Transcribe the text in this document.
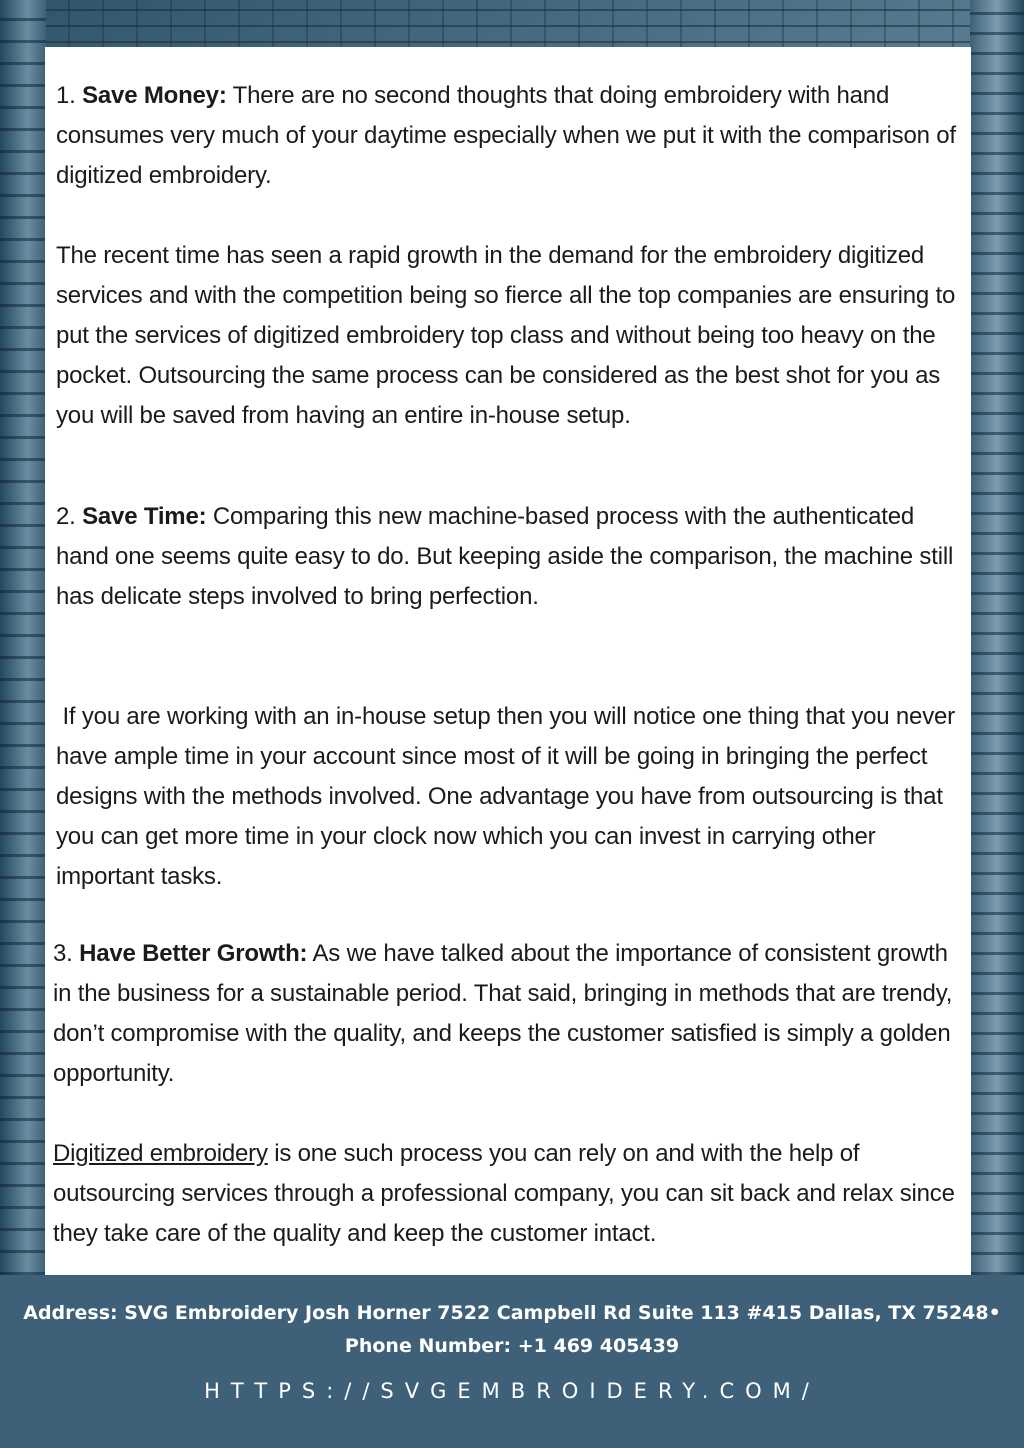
1. Save Money: There are no second thoughts that doing embroidery with hand consumes very much of your daytime especially when we put it with the comparison of digitized embroidery.

The recent time has seen a rapid growth in the demand for the embroidery digitized services and with the competition being so fierce all the top companies are ensuring to put the services of digitized embroidery top class and without being too heavy on the pocket. Outsourcing the same process can be considered as the best shot for you as you will be saved from having an entire in-house setup.

2. Save Time: Comparing this new machine-based process with the authenticated hand one seems quite easy to do. But keeping aside the comparison, the machine still has delicate steps involved to bring perfection.

If you are working with an in-house setup then you will notice one thing that you never have ample time in your account since most of it will be going in bringing the perfect designs with the methods involved. One advantage you have from outsourcing is that you can get more time in your clock now which you can invest in carrying other important tasks.

3. Have Better Growth: As we have talked about the importance of consistent growth in the business for a sustainable period. That said, bringing in methods that are trendy, don’t compromise with the quality, and keeps the customer satisfied is simply a golden opportunity.

Digitized embroidery is one such process you can rely on and with the help of outsourcing services through a professional company, you can sit back and relax since they take care of the quality and keep the customer intact.

Address: SVG Embroidery Josh Horner 7522 Campbell Rd Suite 113 #415 Dallas, TX 75248• Phone Number: +1 469 405439

HTTPS://SVGEMBROIDERY.COM/
